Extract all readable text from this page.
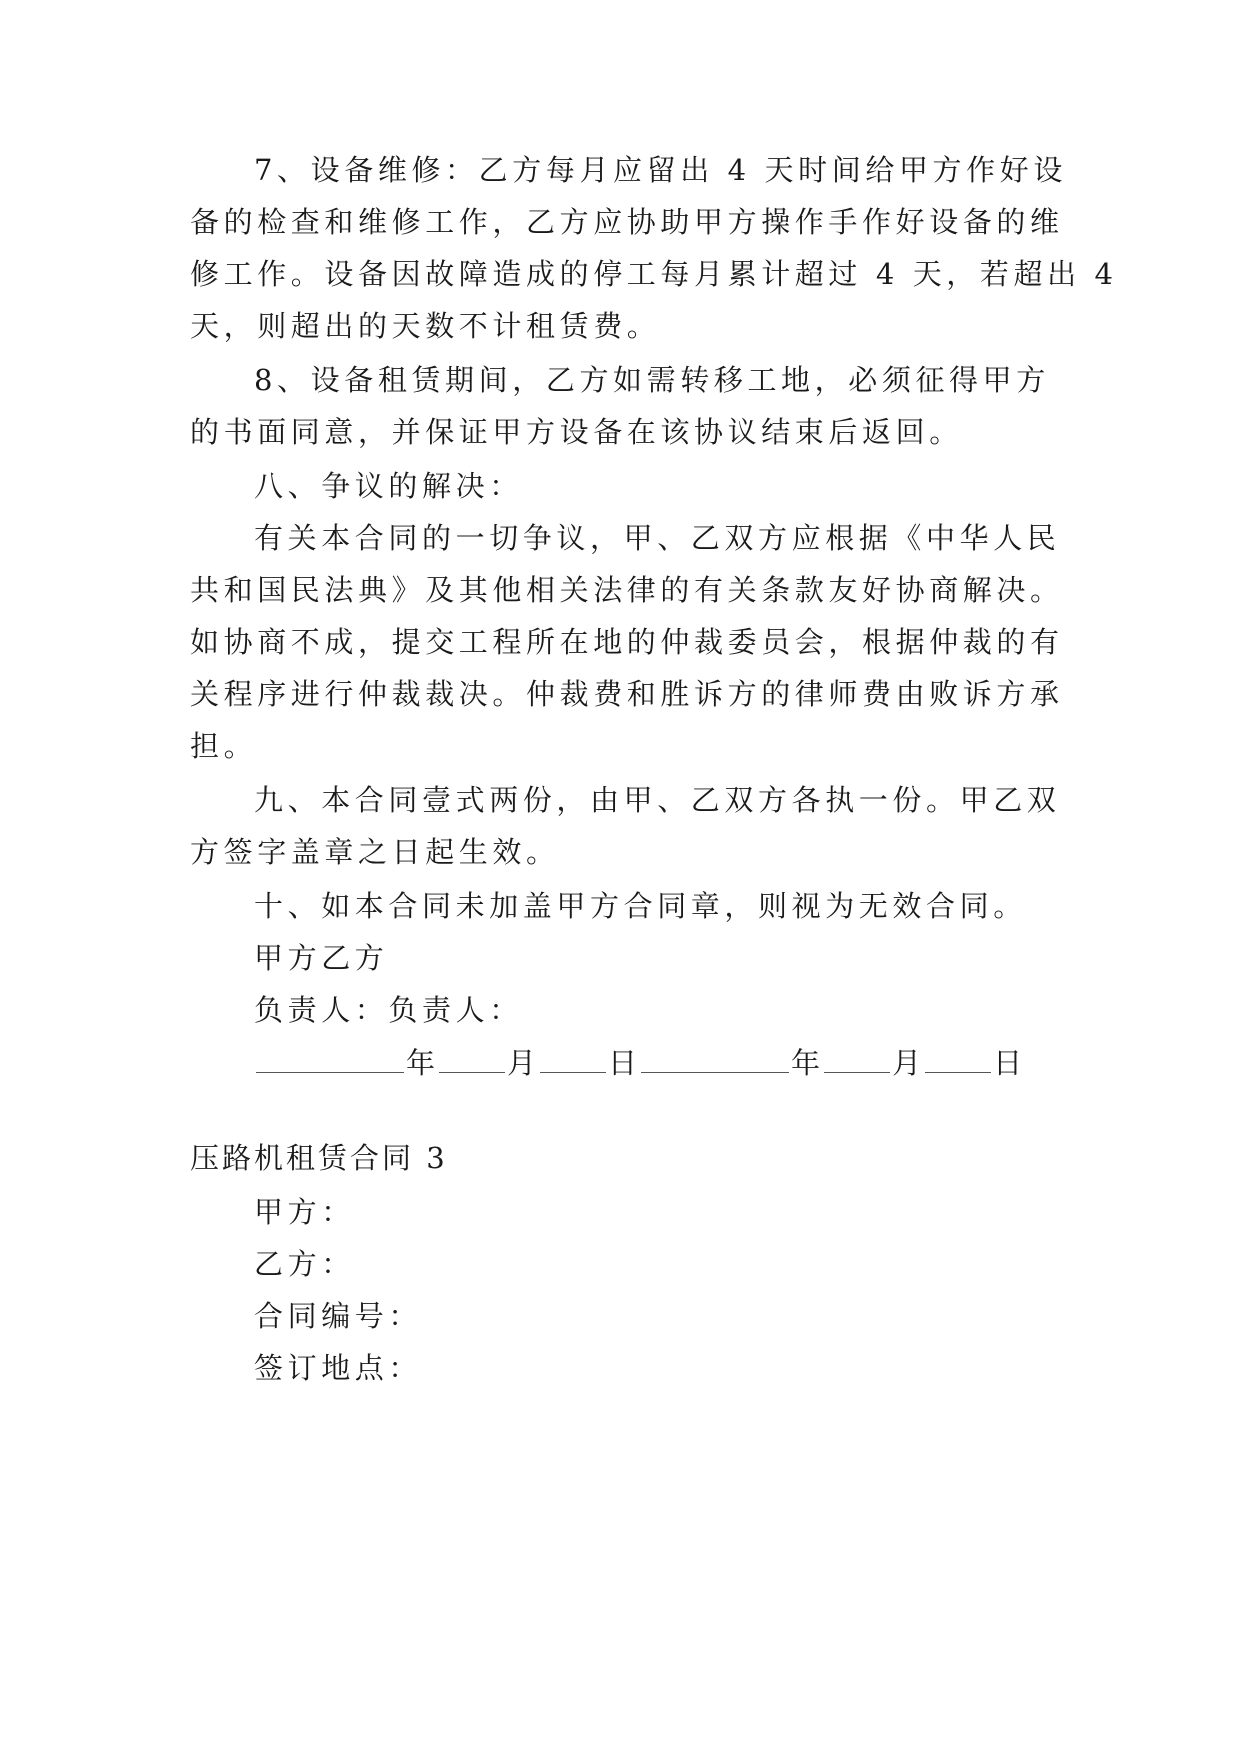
7、设备维修：乙方每月应留出 4 天时间给甲方作好设
备的检查和维修工作，乙方应协助甲方操作手作好设备的维
修工作。设备因故障造成的停工每月累计超过 4 天，若超出 4
天，则超出的天数不计租赁费。
8、设备租赁期间，乙方如需转移工地，必须征得甲方
的书面同意，并保证甲方设备在该协议结束后返回。
八、争议的解决：
有关本合同的一切争议，甲、乙双方应根据《中华人民
共和国民法典》及其他相关法律的有关条款友好协商解决。
如协商不成，提交工程所在地的仲裁委员会，根据仲裁的有
关程序进行仲裁裁决。仲裁费和胜诉方的律师费由败诉方承
担。
九、本合同壹式两份，由甲、乙双方各执一份。甲乙双
方签字盖章之日起生效。
十、如本合同未加盖甲方合同章，则视为无效合同。
甲方乙方
负责人：负责人：
年 月 日	年 月 日
压路机租赁合同 3
甲方：
乙方：
合同编号：
签订地点：
